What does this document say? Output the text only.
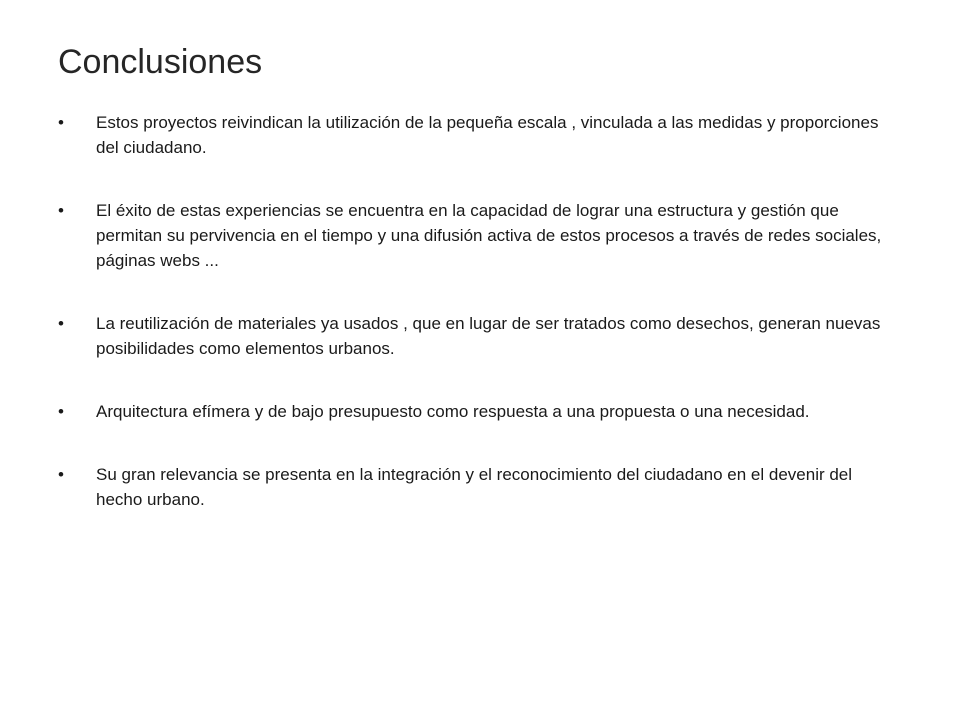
Conclusiones
• Estos proyectos reivindican la utilización de la pequeña escala , vinculada a las medidas y proporciones del ciudadano.
• El éxito de estas experiencias se encuentra en la capacidad de lograr una estructura y gestión que permitan su pervivencia en el tiempo y una difusión activa de estos procesos a través de redes sociales, páginas webs ...
• La reutilización de materiales ya usados , que en lugar de ser tratados como desechos, generan nuevas posibilidades como elementos urbanos.
• Arquitectura efímera y de bajo presupuesto como respuesta a una propuesta o una necesidad.
• Su gran relevancia se presenta en la integración y el reconocimiento del ciudadano en el devenir del hecho urbano.
